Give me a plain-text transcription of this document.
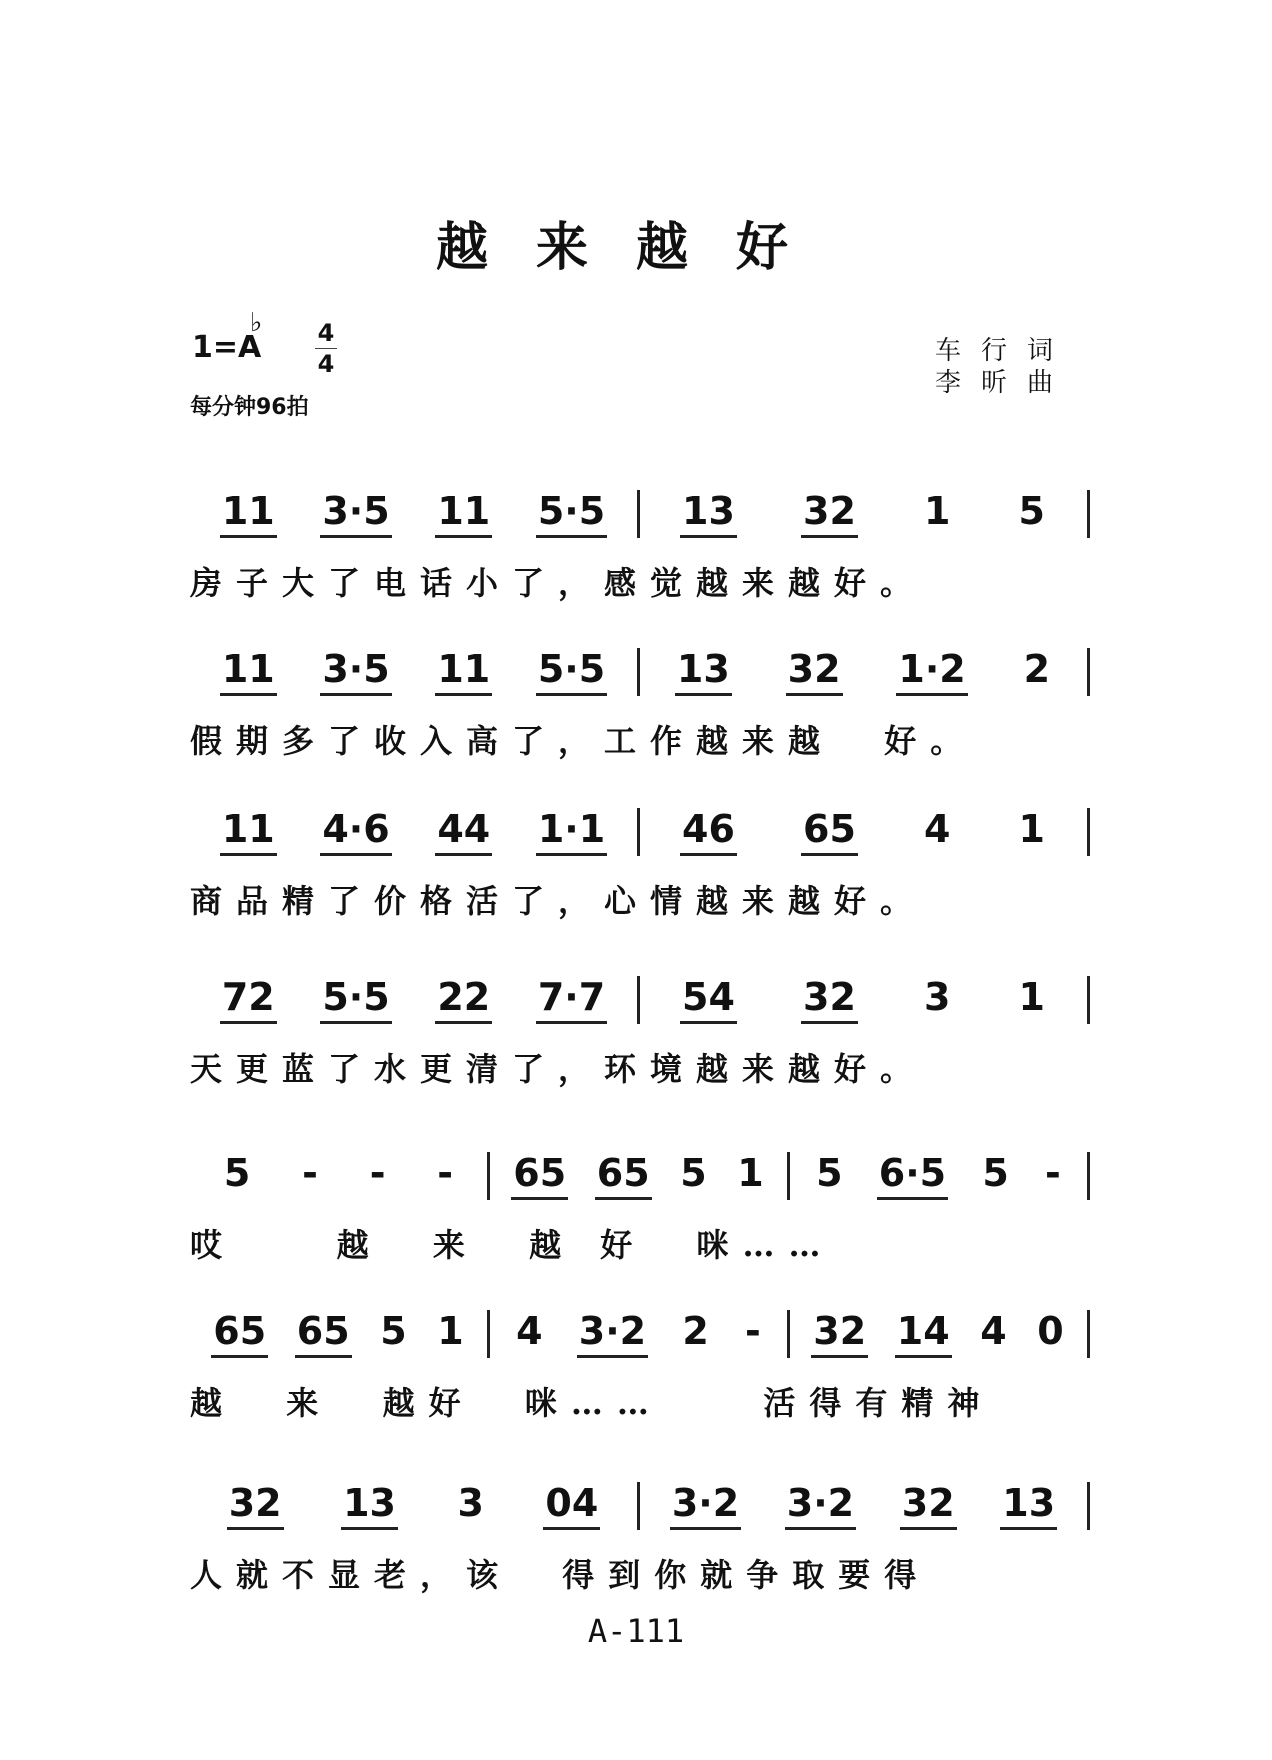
越来越好
1=
♭
A 4
4
每分钟96拍
车行词
李昕曲
11 3·5 11 5·5 13 32 1 5
房子大了电话小了，感觉越来越好。
11 3·5 11 5·5 13 32 1·2 2
假期多了收入高了，工作越来越  好。
11 4·6 44 1·1 46 65 4 1
商品精了价格活了，心情越来越好。
72 5·5 22 7·7 54 32 3 1
天更蓝了水更清了，环境越来越好。
5 - - - 65 65 5 1 5 6·5 5 -
哎    越  来  越 好  咪……
65 65 5 1 4 3·2 2 - 32 14 4 0
越  来  越好  咪……    活得有精神
32 13 3 04 3·2 3·2 32 13
人就不显老，该  得到你就争取要得
A-111
